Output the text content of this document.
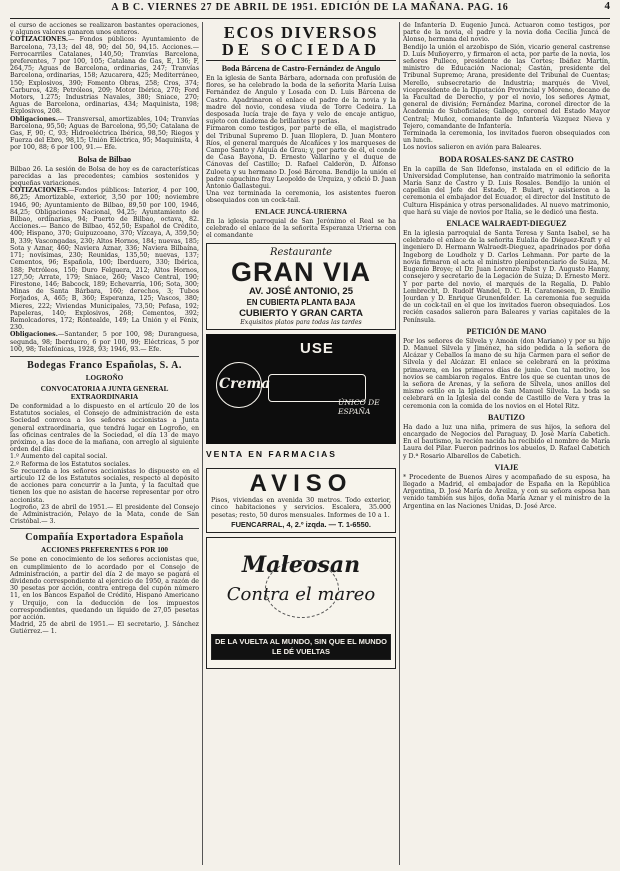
A B C. VIERNES 27 DE ABRIL DE 1951. EDICIÓN DE LA MAÑANA. PAG. 16	4

el curso de acciones se realizaron bastantes operaciones, y algunos valores ganaron unos enteros.

COTIZACIONES.— Fondos públicos: Ayuntamiento de Barcelona, 73,13; del 48, 90; del 50, 94,15. Acciones.— Ferrocarriles Catalanes, 140,50; Tranvías Barcelona, preferentes, 7 por 100, 105; Catalana de Gas, E, 136; F, 264,75; Aguas de Barcelona, ordinarias, 247; Tranvías Barcelona, ordinarias, 158; Azucarera, 425; Mediterráneo, 150; Explosivos, 390; Fomento Obras, 258; Cros, 374; Carburos, 428; Petróleos, 209; Motor Ibérica, 270; Ford Motors, 1.275; Industrias Navales, 380; Sniace, 270; Aguas de Barcelona, ordinarias, 434; Maquinista, 198; Explosivos, 208.

Obligaciones.— Transversal, amortizables, 104; Tranvías Barcelona, 95,50; Aguas de Barcelona, 95,50; Catalana de Gas, F, 90; C, 93; Hidroeléctrica Ibérica, 98,50; Riegos y Fuerza del Ebro, 98,15; Unión Eléctrica, 95; Maquinista, 4 por 100, 88; 6 por 100, 91.— Efe.

Bolsa de Bilbao

Bilbao 26. La sesión de Bolsa de hoy es de características parecidas a las precedentes; cambios sostenidos y pequeñas variaciones.

COTIZACIONES.—Fondos públicos: Interior, 4 por 100, 86,25; Amortizable, exterior, 3,50 por 100; noviembre 1946, 90; Ayuntamiento de Bilbao, 89,50 por 100, 1946, 84,25; Obligaciones Nacional, 94,25; Ayuntamiento de Bilbao, ordinarias, 94; Puerto de Bilbao, octava, 82. Acciones.— Banco de Bilbao, 452,50; Español de Crédito, 400; Hispano, 370; Guipuzcoano, 370; Vizcaya, A, 359,50; B, 339; Vascongadas, 230; Altos Hornos, 184; nuevas, 185; Sota y Aznar, 460; Naviera Aznar, 336; Naviera Bilbaína, 171; novísimas, 230; Reunidas, 135,50; nuevas, 137; Cementos, 96; Española, 100; Iberduero, 330; Ibérica, 188; Petróleos, 150; Duro Felguera, 212; Altos Hornos, 127,50; Arrate, 179; Sniace, 260; Vasco Central, 190; Firestone, 146; Babcock, 189; Echevarría, 106; Sota, 300; Minas de Santa Bárbara, 160; derechos, 3; Tubos Forjados, A, 465; B, 360; Esperanza, 125; Vascos, 380; Mieres, 222; Viviendas Municipales, 73,50; Pefasa, 192; Papeleras, 140; Explosivos, 268; Cementos, 392; Remolcadores, 172; Rontealde, 149; La Unión y el Fénix, 230.

Obligaciones.—Santander, 5 por 100, 98; Duranguesa, segunda, 98; Iberduero, 6 por 100, 99; Eléctricas, 5 por 100, 98; Telefónicas, 1928, 93; 1946, 93.— Efe.

Bodegas Franco Españolas, S. A.
LOGROÑO
CONVOCATORIA A JUNTA GENERAL EXTRAORDINARIA

De conformidad a lo dispuesto en el artículo 20 de los Estatutos sociales, el Consejo de administración de esta Sociedad convoca a los señores accionistas a Junta general extraordinaria, que tendrá lugar en Logroño, en las oficinas centrales de la Sociedad, el día 13 de mayo próximo, a las doce de la mañana, con arreglo al siguiente orden del día:

1.º Aumento del capital social.

2.º Reforma de los Estatutos sociales.

Se recuerda a los señores accionistas lo dispuesto en el artículo 12 de los Estatutos sociales, respecto al depósito de acciones para concurrir a la Junta, y la facultad que tienen los que no asistan de hacerse representar por otro accionista.

Logroño, 23 de abril de 1951.— El presidente del Consejo de Administración, Pelayo de la Mata, conde de San Cristóbal.— 3.

Compañía Exportadora Española
ACCIONES PREFERENTES 6 POR 100

Se pone en conocimiento de los señores accionistas que, en cumplimiento de lo acordado por el Consejo de Administración, a partir del día 2 de mayo se pagará el dividendo correspondiente al ejercicio de 1950, a razón de 30 pesetas por acción, contra entrega del cupón número 11, en los Bancos Español de Crédito, Hispano Americano y Urquijo, con la deducción de los impuestos correspondientes, quedando un líquido de 27,05 pesetas por acción.

Madrid, 25 de abril de 1951.— El secretario, J. Sánchez Gutiérrez.— 1.

ECOS DIVERSOS
DE SOCIEDAD
Boda Bárcena de Castro-Fernández de Angulo

En la iglesia de Santa Bárbara, adornada con profusión de flores, se ha celebrado la boda de la señorita María Luisa Fernández de Angulo y Losada con D. Luis Bárcena de Castro. Apadrinaron el enlace el padre de la novia y la madre del novio, condesa viuda de Torre Cedeira. La desposada lucía traje de faya y velo de encaje antiguo, sujeto con diadema de brillantes y perlas.

Firmaron como testigos, por parte de ella, el magistrado del Tribunal Supremo D. Juan Illoplera, D. Juan Montero Ríos, el general marqués de Alcañices y los marqueses de Campo Santo y Alquía de Grau; y, por parte de él, el conde de Casa Bayona, D. Ernesto Vallarino y el duque de Cánovas del Castillo; D. Rafael Calderón, D. Alfonso Zuloeta y su hermano D. José Bárcena. Bendijo la unión el padre capuchino fray Leopoldo de Urquiza, y ofició D. Juan Antonio Gallastegui.

Una vez terminada la ceremonia, los asistentes fueron obsequiados con un cock-tail.

ENLACE JUNCÁ-URIERNA

En la iglesia parroquial de San Jerónimo el Real se ha celebrado el enlace de la señorita Esperanza Urierna con el comandante

Restaurante
GRAN VIA
AV. JOSÉ ANTONIO, 25
EN CUBIERTA PLANTA BAJA
CUBIERTO Y GRAN CARTA
Exquisitos platos para todas las tardes
USE
Crema
ÚNICO DE ESPAÑA
VENTA EN FARMACIAS
AVISO

Pisos, viviendas en avenida 30 metros. Todo exterior, cinco habitaciones y servicios. Escalera, 35.000 pesetas; resto, 50 duros mensuales. Informes de 10 a 1.

FUENCARRAL, 4, 2.º izqda. — T. 1-6550.
Maleosan
Contra el mareo
DE LA VUELTA AL MUNDO, SIN QUE EL MUNDO LE DÉ VUELTAS

de Infantería D. Eugenio Juncá. Actuaron como testigos, por parte de la novia, el padre y la novia doña Cecilia Juncá de Alonso, hermana del novio.

Bendijo la unión el arzobispo de Sión, vicario general castrense D. Luis Muñoyerro, y firmaron el acta, por parte de la novia, los señores Pulleco, presidente de las Cortes; Ibáñez Martín, ministro de Educación Nacional; Castán, presidente del Tribunal Supremo; Arana, presidente del Tribunal de Cuentas; Merello, subsecretario de Industria; marqués de Vivel, vicepresidente de la Diputación Provincial y Moreno, decano de la Facultad de Derecho, y por el novio, los señores Aymat, general de división; Fernández Marina, coronel director de la Academia de Suboficiales; Gallego, coronel del Estado Mayor Central; Muñoz, comandante de Infantería Vázquez Nieva y Tejero, comandante de Infantería.

Terminada la ceremonia, los invitados fueron obsequiados con un lunch.

Los novios salieron en avión para Baleares.

BODA ROSALES-SANZ DE CASTRO

En la capilla de San Ildefonso, instalada en el edificio de la Universidad Complutense, han contraído matrimonio la señorita María Sanz de Castro y D. Luis Rosales. Bendijo la unión el capellán del Jefe del Estado, P. Bulart, y asistieron a la ceremonia el embajador del Ecuador, el director del Instituto de Cultura Hispánica y otras personalidades. Al nuevo matrimonio, que hará su viaje de novios por Italia, se le dedicó una fiesta.

ENLACE WALRAEDT-DIEGUEZ

En la iglesia parroquial de Santa Teresa y Santa Isabel, se ha celebrado el enlace de la señorita Eulalia de Diéguez-Kraft y el ingeniero D. Hermann Walraedt-Dieguez, apadrinados por doña Ingeborg de Loudholz y D. Carlos Lehmann. Por parte de la novia firmaron el acta el ministro plenipotenciario de Suiza, M. Eugenio Broye; el Dr. Juan Lorenzo Pabst y D. Augusto Hanny, consejero y secretario de la Legación de Suiza; D. Ernesto Merz. Y por parte del novio, el marqués de la Regalía, D. Pablo Lembrecht, D. Rudolf Wandel, D. C. H. Caratenesen, D. Emilio Jourdan y D. Enrique Grunenfelder. La ceremonia fue seguida de un cock-tail en el que los invitados fueron obsequiados. Los recién casados salieron para Baleares y varias capitales de la Península.

PETICIÓN DE MANO

Por los señores de Silvela y Amoán (don Mariano) y por su hijo D. Manuel Silvela y Jiménez, ha sido pedida a la señora de Alcázar y Ceballos la mano de su hija Carmen para el señor de Silvela y del Alcázar. El enlace se celebrará en la próxima primavera, en los primeros días de junio. Con tal motivo, los novios se cambiaron regalos. Entre los que se cuentan unos de la señora de Arenas, y la señora de Silvela, unos anillos del mismo estilo en la Iglesia de San Manuel Silvela. La boda se celebrará en la Iglesia del conde de Castillo de Vera y tras la ceremonia con la comida de los novios en el Hotel Ritz.

BAUTIZO

Ha dado a luz una niña, primera de sus hijos, la señora del encargado de Negocios del Paraguay, D. José María Cabetich. En el bautismo, la recién nacida ha recibido el nombre de María Laura del Pilar. Fueron padrinos los abuelos, D. Rafael Cabetich y D.ª Rosario Albarellos de Cabetich.

VIAJE

* Procedente de Buenos Aires y acompañado de su esposa, ha llegado a Madrid, el embajador de España en la República Argentina, D. José María de Areilza, y con su señora esposa han venido también sus hijos, doña María Aznar y el ministro de la Argentina en las Naciones Unidas, D. José Arce.
